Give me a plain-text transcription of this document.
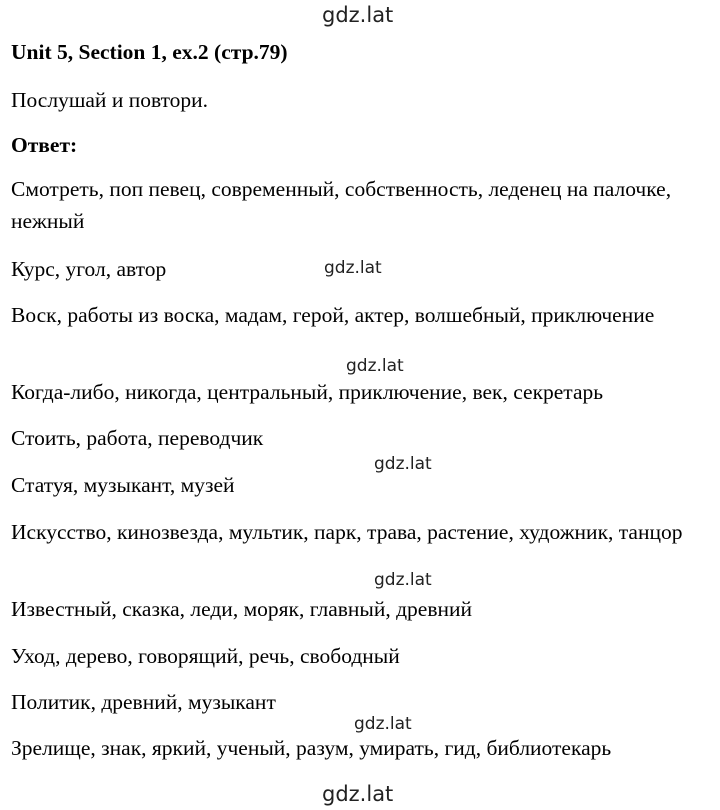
gdz.lat
gdz.lat
gdz.lat
gdz.lat
gdz.lat
gdz.lat
gdz.lat

Unit 5, Section 1, ex.2 (стр.79)

Послушай и повтори.

Ответ:

Смотреть, поп певец, современный, собственность, леденец на палочке, нежный

Курс, угол, автор

Воск, работы из воска, мадам, герой, актер, волшебный, приключение

Когда-либо, никогда, центральный, приключение, век, секретарь

Стоить, работа, переводчик

Статуя, музыкант, музей

Искусство, кинозвезда, мультик, парк, трава, растение, художник, танцор

Известный, сказка, леди, моряк, главный, древний

Уход, дерево, говорящий, речь, свободный

Политик, древний, музыкант

Зрелище, знак, яркий, ученый, разум, умирать, гид, библиотекарь
